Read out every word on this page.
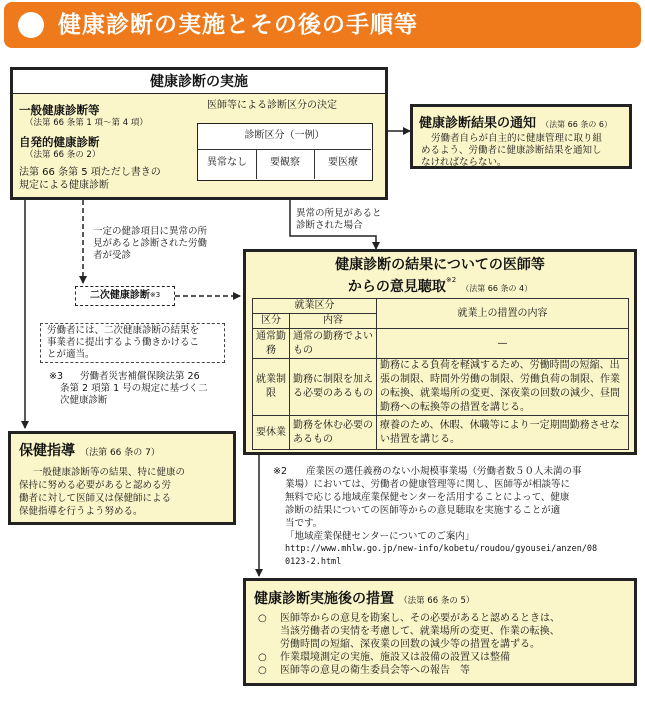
健康診断の実施とその後の手順等
健康診断の実施
一般健康診断等
（法第 66 条第 1 項〜第 4 項）
自発的健康診断
（法第 66 条の 2）
法第 66 条第 5 項ただし書きの
規定による健康診断
医師等による診断区分の決定
診断区分（一例）
異常なし	要観察	要医療
健康診断結果の通知 （法第 66 条の 6）
労働者自らが自主的に健康管理に取り組
めるよう、労働者に健康診断結果を通知し
なければならない。
一定の健診項目に異常の所
見があると診断された労働
者が受診
異常の所見があると
診断された場合
二次健康診断$^{※3}$
労働者には、二次健康診断の結果を
事業者に提出するよう働きかけるこ
とが適当。
※3 労働者災害補償保険法第 26
条第 2 項第 1 号の規定に基づく二
次健康診断
健康診断の結果についての医師等
からの意見聴取$^{※2}$ （法第 66 条の 4）
就業区分		就業上の措置の内容
区分	内容	
通常勤務	通常の勤務でよいもの	—
就業制限	勤務に制限を加える必要のあるもの	勤務による負荷を軽減するため、労働時間の短縮、出張の制限、時間外労働の制限、労働負荷の制限、作業の転換、就業場所の変更、深夜業の回数の減少、昼間勤務への転換等の措置を講じる。
要休業	勤務を休む必要のあるもの	療養のため、休暇、休職等により一定期間勤務させない措置を講じる。
保健指導 （法第 66 条の 7）
一般健康診断等の結果、特に健康の
保持に努める必要があると認める労
働者に対して医師又は保健師による
保健指導を行うよう努める。
※2 産業医の選任義務のない小規模事業場（労働者数５０人未満の事
業場）においては、労働者の健康管理等に関し、医師等が相談等に
無料で応じる地域産業保健センターを活用することによって、健康
診断の結果についての医師等からの意見聴取を実施することが適
当です。
「地域産業保健センターについてのご案内」
http://www.mhlw.go.jp/new-info/kobetu/roudou/gyousei/anzen/08
0123-2.html
健康診断実施後の措置 （法第 66 条の 5）
○ 医師等からの意見を勘案し、その必要があると認めるときは、
当該労働者の実情を考慮して、就業場所の変更、作業の転換、
労働時間の短縮、深夜業の回数の減少等の措置を講ずる。
○ 作業環境測定の実施、施設又は設備の設置又は整備
○ 医師等の意見の衛生委員会等への報告　等
